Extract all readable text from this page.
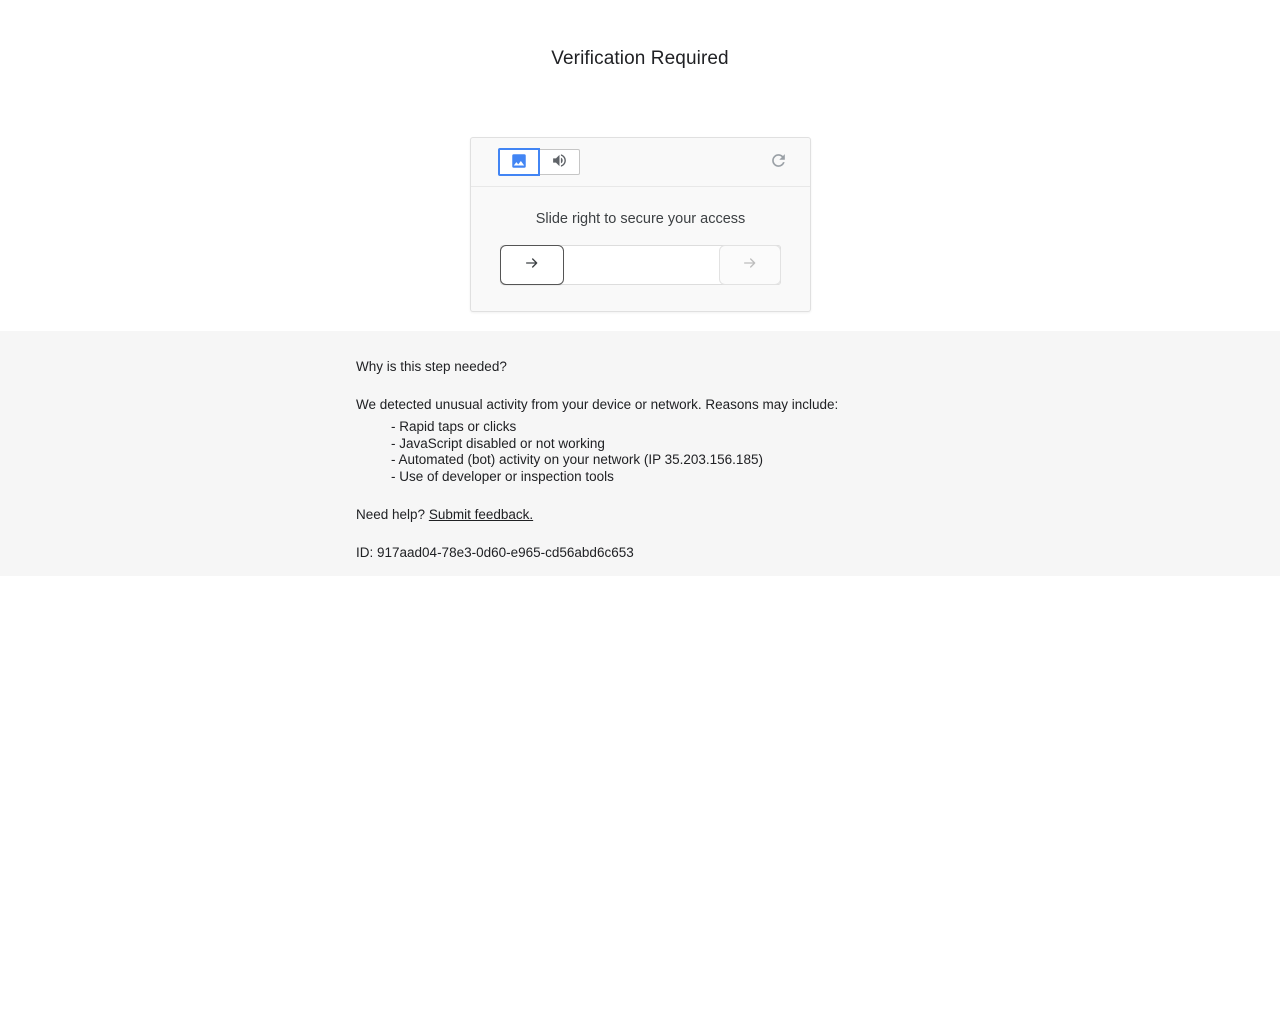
Verification Required
Slide right to secure your access
Why is this step needed?
We detected unusual activity from your device or network. Reasons may include:
- Rapid taps or clicks
- JavaScript disabled or not working
- Automated (bot) activity on your network (IP 35.203.156.185)
- Use of developer or inspection tools
Need help? Submit feedback.
ID: 917aad04-78e3-0d60-e965-cd56abd6c653
